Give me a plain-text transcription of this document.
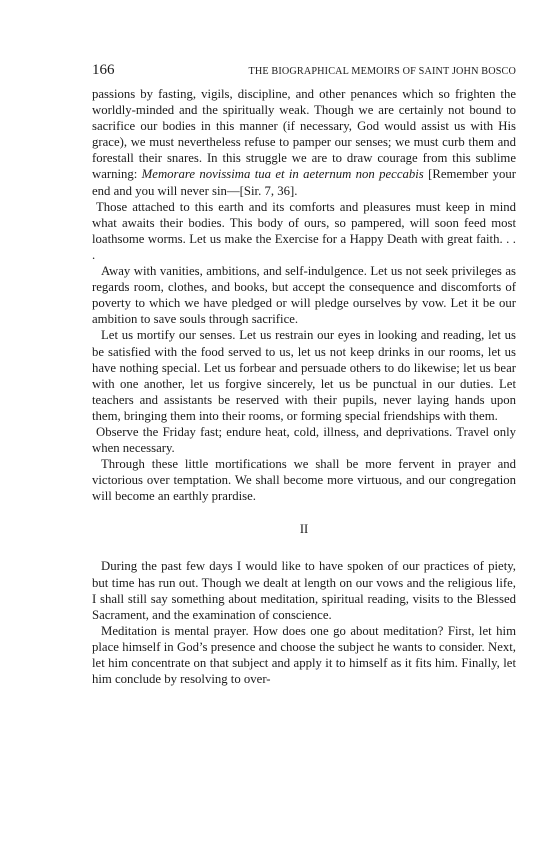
166	THE BIOGRAPHICAL MEMOIRS OF SAINT JOHN BOSCO

passions by fasting, vigils, discipline, and other penances which so frighten the worldly-minded and the spiritually weak. Though we are certainly not bound to sacrifice our bodies in this manner (if necessary, God would assist us with His grace), we must nevertheless refuse to pamper our senses; we must curb them and forestall their snares. In this struggle we are to draw courage from this sublime warning: Memorare novissima tua et in aeternum non peccabis [Remember your end and you will never sin—[Sir. 7, 36].

Those attached to this earth and its comforts and pleasures must keep in mind what awaits their bodies. This body of ours, so pampered, will soon feed most loathsome worms. Let us make the Exercise for a Happy Death with great faith. . . .

Away with vanities, ambitions, and self-indulgence. Let us not seek privileges as regards room, clothes, and books, but accept the consequence and discomforts of poverty to which we have pledged or will pledge ourselves by vow. Let it be our ambition to save souls through sacrifice.

Let us mortify our senses. Let us restrain our eyes in looking and reading, let us be satisfied with the food served to us, let us not keep drinks in our rooms, let us have nothing special. Let us forbear and persuade others to do likewise; let us bear with one another, let us forgive sincerely, let us be punctual in our duties. Let teachers and assistants be reserved with their pupils, never laying hands upon them, bringing them into their rooms, or forming special friendships with them.

Observe the Friday fast; endure heat, cold, illness, and deprivations. Travel only when necessary.

Through these little mortifications we shall be more fervent in prayer and victorious over temptation. We shall become more virtuous, and our congregation will become an earthly prardise.

II

During the past few days I would like to have spoken of our practices of piety, but time has run out. Though we dealt at length on our vows and the religious life, I shall still say something about meditation, spiritual reading, visits to the Blessed Sacrament, and the examination of conscience.

Meditation is mental prayer. How does one go about meditation? First, let him place himself in God’s presence and choose the subject he wants to consider. Next, let him concentrate on that subject and apply it to himself as it fits him. Finally, let him conclude by resolving to over-
